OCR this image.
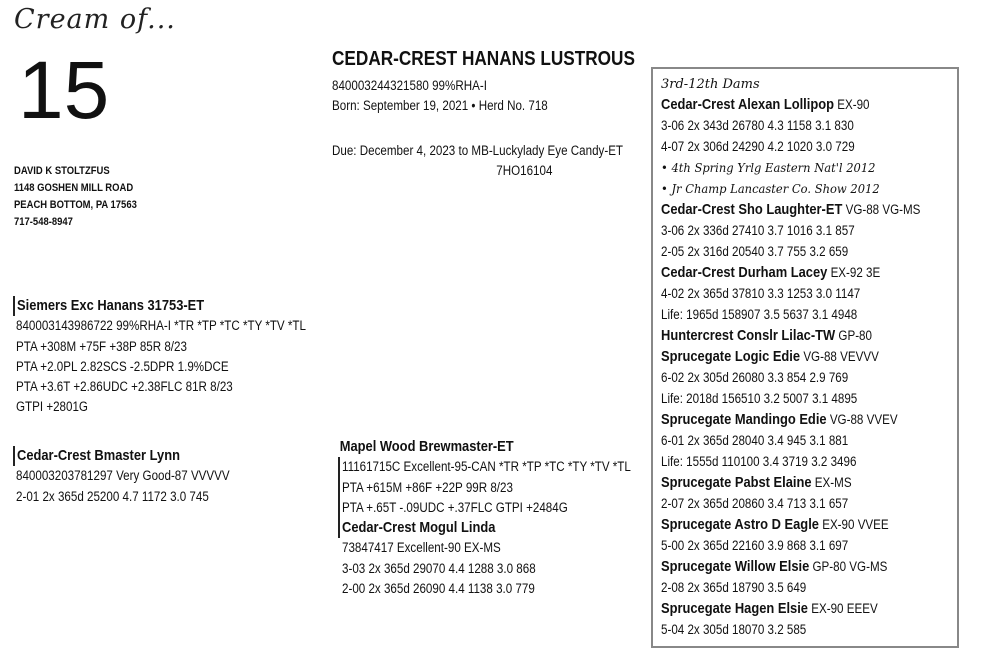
Cream of...
15
DAVID K STOLTZFUS
1148 GOSHEN MILL ROAD
PEACH BOTTOM, PA 17563
717-548-8947
CEDAR-CREST HANANS LUSTROUS
840003244321580 99%RHA-I
Born: September 19, 2021 • Herd No. 718
Due: December 4, 2023 to MB-Luckylady Eye Candy-ET
7HO16104
Siemers Exc Hanans 31753-ET
840003143986722 99%RHA-I *TR *TP *TC *TY *TV *TL
PTA +308M +75F +38P 85R 8/23
PTA +2.0PL 2.82SCS -2.5DPR 1.9%DCE
PTA +3.6T +2.86UDC +2.38FLC 81R 8/23
GTPI +2801G
Cedar-Crest Bmaster Lynn
840003203781297 Very Good-87 VVVVV
2-01 2x 365d 25200 4.7 1172 3.0 745
Mapel Wood Brewmaster-ET
11161715C Excellent-95-CAN *TR *TP *TC *TY *TV *TL
PTA +615M +86F +22P 99R 8/23
PTA +.65T -.09UDC +.37FLC GTPI +2484G
Cedar-Crest Mogul Linda
73847417 Excellent-90 EX-MS
3-03 2x 365d 29070 4.4 1288 3.0 868
2-00 2x 365d 26090 4.4 1138 3.0 779
3rd-12th Dams
Cedar-Crest Alexan Lollipop EX-90
3-06 2x 343d 26780 4.3 1158 3.1 830
4-07 2x 306d 24290 4.2 1020 3.0 729
• 4th Spring Yrlg Eastern Nat'l 2012
• Jr Champ Lancaster Co. Show 2012
Cedar-Crest Sho Laughter-ET VG-88 VG-MS
3-06 2x 336d 27410 3.7 1016 3.1 857
2-05 2x 316d 20540 3.7 755 3.2 659
Cedar-Crest Durham Lacey EX-92 3E
4-02 2x 365d 37810 3.3 1253 3.0 1147
Life: 1965d 158907 3.5 5637 3.1 4948
Huntercrest Conslr Lilac-TW GP-80
Sprucegate Logic Edie VG-88 VEVVV
6-02 2x 305d 26080 3.3 854 2.9 769
Life: 2018d 156510 3.2 5007 3.1 4895
Sprucegate Mandingo Edie VG-88 VVEV
6-01 2x 365d 28040 3.4 945 3.1 881
Life: 1555d 110100 3.4 3719 3.2 3496
Sprucegate Pabst Elaine EX-MS
2-07 2x 365d 20860 3.4 713 3.1 657
Sprucegate Astro D Eagle EX-90 VVEE
5-00 2x 365d 22160 3.9 868 3.1 697
Sprucegate Willow Elsie GP-80 VG-MS
2-08 2x 365d 18790 3.5 649
Sprucegate Hagen Elsie EX-90 EEEV
5-04 2x 305d 18070 3.2 585
